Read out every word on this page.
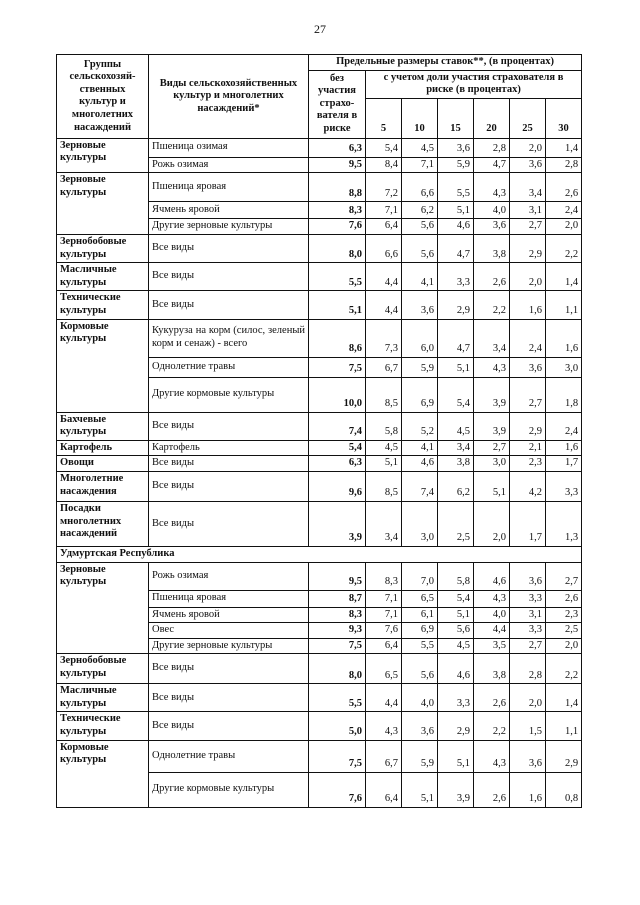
27
Группы сельскохозяй-ственных культур и многолетних насаждений	Виды сельскохозяйственных культур и многолетних насаждений*	Предельные размеры ставок**, (в процентах)						
		без участия страхо-вателя в риске	с учетом доли участия страхователя в риске (в процентах)					
			5	10	15	20	25	30
Зерновые культуры	Пшеница озимая	6,3	5,4	4,5	3,6	2,8	2,0	1,4
	Рожь озимая	9,5	8,4	7,1	5,9	4,7	3,6	2,8
Зерновые культуры	Пшеница яровая	8,8	7,2	6,6	5,5	4,3	3,4	2,6
	Ячмень яровой	8,3	7,1	6,2	5,1	4,0	3,1	2,4
	Другие зерновые культуры	7,6	6,4	5,6	4,6	3,6	2,7	2,0
Зернобобовые культуры	Все виды	8,0	6,6	5,6	4,7	3,8	2,9	2,2
Масличные культуры	Все виды	5,5	4,4	4,1	3,3	2,6	2,0	1,4
Технические культуры	Все виды	5,1	4,4	3,6	2,9	2,2	1,6	1,1
Кормовые культуры	Кукуруза на корм (силос, зеленый корм и сенаж) - всего	8,6	7,3	6,0	4,7	3,4	2,4	1,6
	Однолетние травы	7,5	6,7	5,9	5,1	4,3	3,6	3,0
	Другие кормовые культуры	10,0	8,5	6,9	5,4	3,9	2,7	1,8
Бахчевые культуры	Все виды	7,4	5,8	5,2	4,5	3,9	2,9	2,4
Картофель	Картофель	5,4	4,5	4,1	3,4	2,7	2,1	1,6
Овощи	Все виды	6,3	5,1	4,6	3,8	3,0	2,3	1,7
Многолетние насаждения	Все виды	9,6	8,5	7,4	6,2	5,1	4,2	3,3
Посадки многолетних насаждений	Все виды	3,9	3,4	3,0	2,5	2,0	1,7	1,3
Удмуртская Республика								
Зерновые культуры	Рожь озимая	9,5	8,3	7,0	5,8	4,6	3,6	2,7
	Пшеница яровая	8,7	7,1	6,5	5,4	4,3	3,3	2,6
	Ячмень яровой	8,3	7,1	6,1	5,1	4,0	3,1	2,3
	Овес	9,3	7,6	6,9	5,6	4,4	3,3	2,5
	Другие зерновые культуры	7,5	6,4	5,5	4,5	3,5	2,7	2,0
Зернобобовые культуры	Все виды	8,0	6,5	5,6	4,6	3,8	2,8	2,2
Масличные культуры	Все виды	5,5	4,4	4,0	3,3	2,6	2,0	1,4
Технические культуры	Все виды	5,0	4,3	3,6	2,9	2,2	1,5	1,1
Кормовые культуры	Однолетние травы	7,5	6,7	5,9	5,1	4,3	3,6	2,9
	Другие кормовые культуры	7,6	6,4	5,1	3,9	2,6	1,6	0,8
